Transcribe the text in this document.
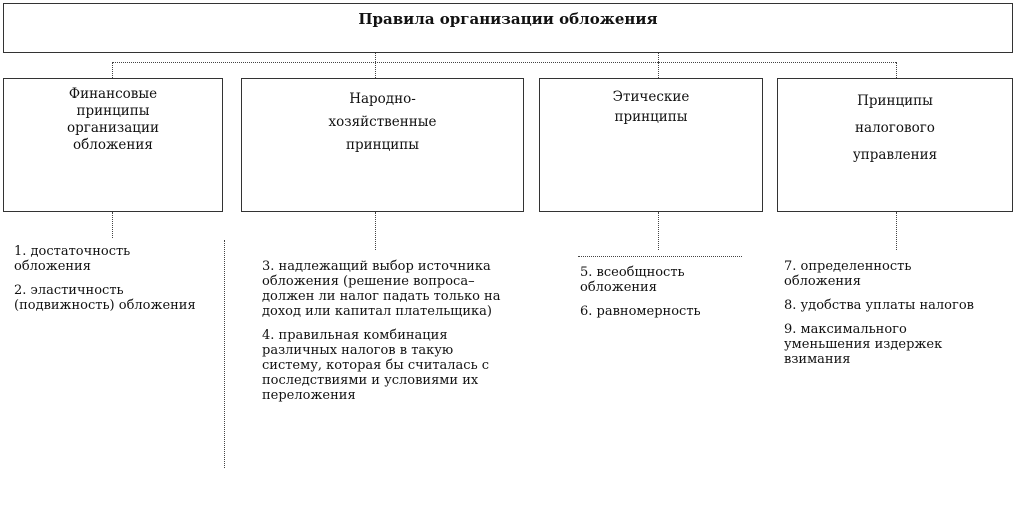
Правила организации обложения
Финансовые
принципы
организации
обложения
Народно-
хозяйственные
принципы
Этические
принципы
Принципы
налогового
управления
1. достаточность
обложения
2. эластичность
(подвижность) обложения
3. надлежащий выбор источника
обложения (решение вопроса–
должен ли налог падать только на
доход или капитал плательщика)
4. правильная комбинация
различных налогов в такую
систему, которая бы считалась с
последствиями и условиями их
переложения
5. всеобщность
обложения
6. равномерность
7. определенность
обложения
8. удобства уплаты налогов
9. максимального
уменьшения издержек
взимания
